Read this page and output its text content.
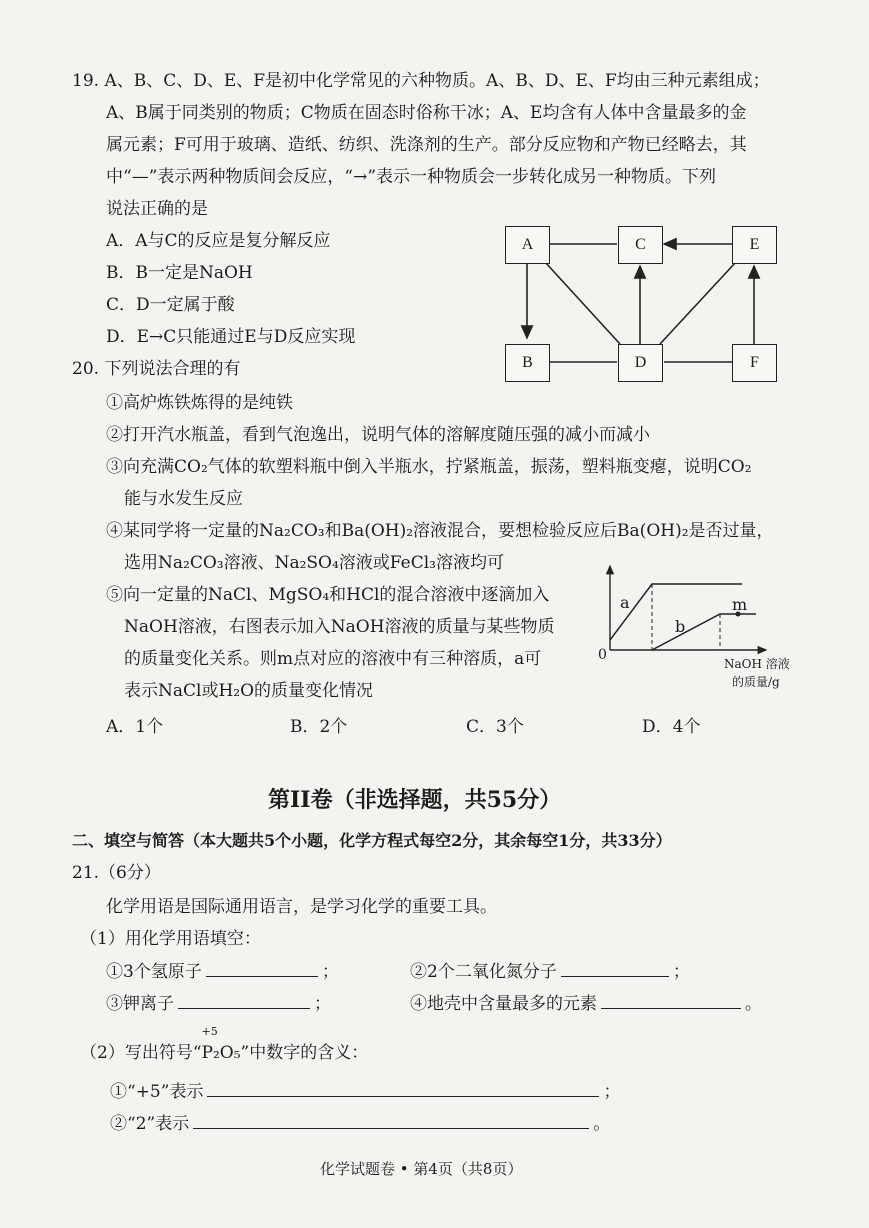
19. A、B、C、D、E、F是初中化学常见的六种物质。A、B、D、E、F均由三种元素组成；
A、B属于同类别的物质；C物质在固态时俗称干冰；A、E均含有人体中含量最多的金
属元素；F可用于玻璃、造纸、纺织、洗涤剂的生产。部分反应物和产物已经略去，其
中“—”表示两种物质间会反应，“→”表示一种物质会一步转化成另一种物质。下列
说法正确的是
A．A与C的反应是复分解反应
B．B一定是NaOH
C．D一定属于酸
D．E→C只能通过E与D反应实现
A	C	E
B	D	F
20. 下列说法合理的有
①高炉炼铁炼得的是纯铁
②打开汽水瓶盖，看到气泡逸出，说明气体的溶解度随压强的减小而减小
③向充满CO₂气体的软塑料瓶中倒入半瓶水，拧紧瓶盖，振荡，塑料瓶变瘪，说明CO₂
能与水发生反应
④某同学将一定量的Na₂CO₃和Ba(OH)₂溶液混合，要想检验反应后Ba(OH)₂是否过量，
选用Na₂CO₃溶液、Na₂SO₄溶液或FeCl₃溶液均可
⑤向一定量的NaCl、MgSO₄和HCl的混合溶液中逐滴加入
NaOH溶液，右图表示加入NaOH溶液的质量与某些物质
的质量变化关系。则m点对应的溶液中有三种溶质，a可
表示NaCl或H₂O的质量变化情况
0
a
b
m
NaOH 溶液
的质量/g
A．1个	B．2个	C．3个	D．4个
第II卷（非选择题，共55分）
二、填空与简答（本大题共5个小题，化学方程式每空2分，其余每空1分，共33分）
21.（6分）
化学用语是国际通用语言，是学习化学的重要工具。
（1）用化学用语填空：
①3个氢原子	；	②2个二氧化氮分子	；
③钾离子	；	④地壳中含量最多的元素	。
（2）写出符号“
+5
P₂O₅”中数字的含义：
①“+5”表示	；
②“2”表示	。
化学试题卷 • 第4页（共8页）
